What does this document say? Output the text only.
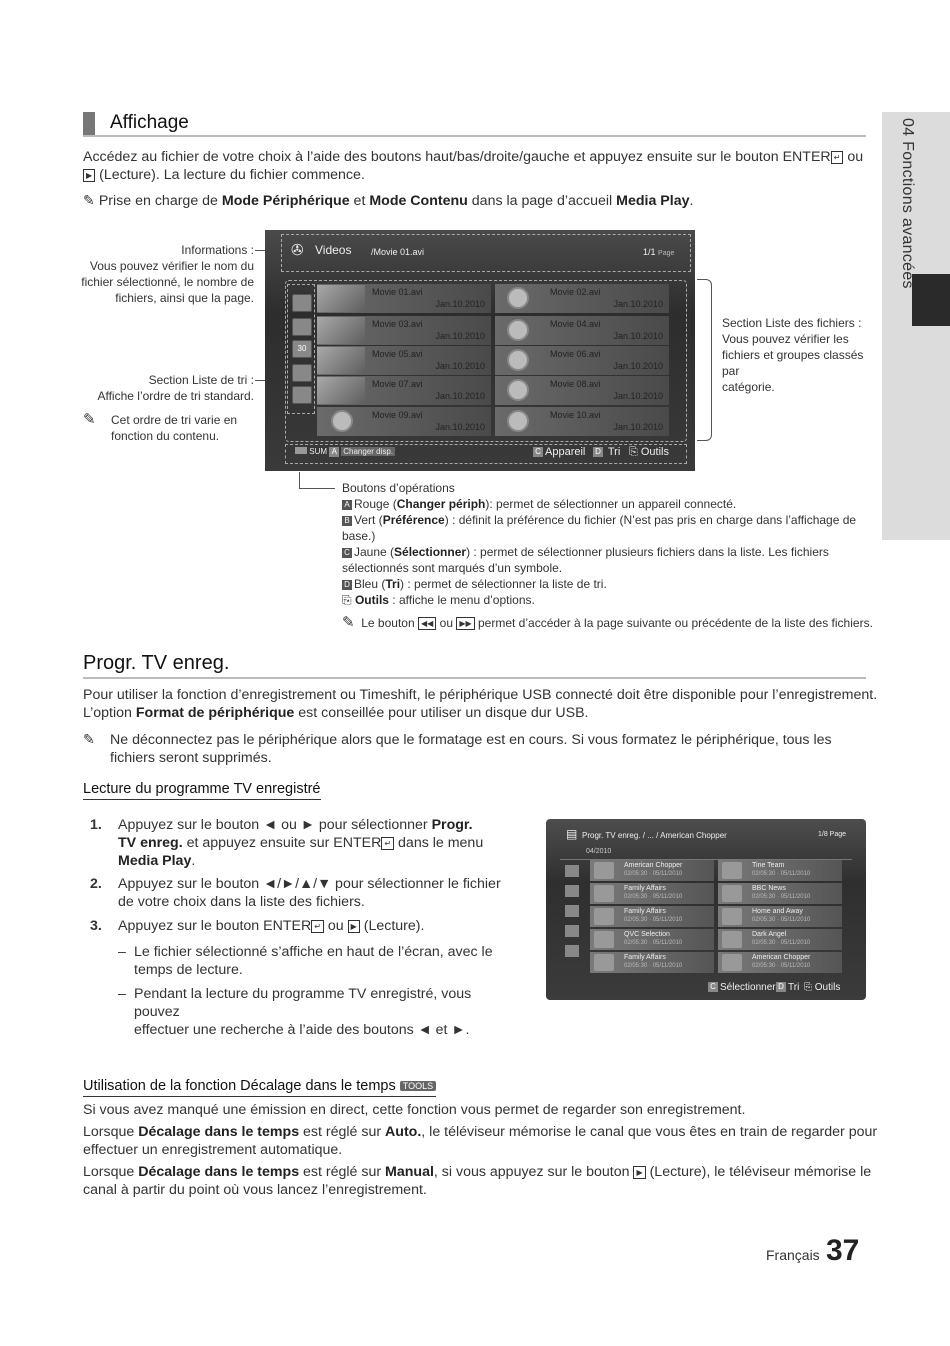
04 Fonctions avancées
Affichage
Accédez au fichier de votre choix à l’aide des boutons haut/bas/droite/gauche et appuyez ensuite sur le bouton ENTER ↵ ou
▶ (Lecture). La lecture du fichier commence.
✎ Prise en charge de Mode Périphérique et Mode Contenu dans la page d’accueil Media Play.
Informations :
Vous pouvez vérifier le nom du
fichier sélectionné, le nombre de
fichiers, ainsi que la page.
Section Liste de tri :
Affiche l’ordre de tri standard.
✎	Cet ordre de tri varie en
fonction du contenu.
Section Liste des fichiers :
Vous pouvez vérifier les
fichiers et groupes classés par
catégorie.
✇ Videos /Movie 01.avi	1/1 Page
30
Movie 01.avi
Jan.10.2010
Movie 02.avi
Jan.10.2010
Movie 03.avi
Jan.10.2010
Movie 04.avi
Jan.10.2010
Movie 05.avi
Jan.10.2010
Movie 06.avi
Jan.10.2010
Movie 07.avi
Jan.10.2010
Movie 08.avi
Jan.10.2010
Movie 09.avi
Jan.10.2010
Movie 10.avi
Jan.10.2010
SUM A Changer disp.	C Appareil D Tri ⎘ Outils
Boutons d’opérations
A Rouge (Changer périph): permet de sélectionner un appareil connecté.
B Vert (Préférence) : définit la préférence du fichier (N’est pas pris en charge dans l’affichage de base.)
C Jaune (Sélectionner) : permet de sélectionner plusieurs fichiers dans la liste. Les fichiers
sélectionnés sont marqués d’un symbole.
D Bleu (Tri) : permet de sélectionner la liste de tri.
⎘ Outils : affiche le menu d’options.
✎ Le bouton ◀◀ ou ▶▶ permet d’accéder à la page suivante ou précédente de la liste des fichiers.
Progr. TV enreg.
Pour utiliser la fonction d’enregistrement ou Timeshift, le périphérique USB connecté doit être disponible pour l’enregistrement.
L’option Format de périphérique est conseillée pour utiliser un disque dur USB.
✎	Ne déconnectez pas le périphérique alors que le formatage est en cours. Si vous formatez le périphérique, tous les
fichiers seront supprimés.
Lecture du programme TV enregistré
1. Appuyez sur le bouton ◄ ou ► pour sélectionner Progr.
TV enreg. et appuyez ensuite sur ENTER ↵ dans le menu
Media Play.
2. Appuyez sur le bouton ◄/►/▲/▼ pour sélectionner le fichier
de votre choix dans la liste des fichiers.
3. Appuyez sur le bouton ENTER ↵ ou ▶ (Lecture).
– Le fichier sélectionné s’affiche en haut de l’écran, avec le
temps de lecture.
– Pendant la lecture du programme TV enregistré, vous pouvez
effectuer une recherche à l’aide des boutons ◄ et ►.
▤ Progr. TV enreg. / ... / American Chopper	1/8 Page
04/2010
American Chopper
02/05:30 · 05/11/2010
Tine Team
02/05:30 · 05/11/2010
Family Affairs
02/05:30 · 05/11/2010
BBC News
02/05:30 · 05/11/2010
Family Affairs
02/05:30 · 05/11/2010
Home and Away
02/05:30 · 05/11/2010
QVC Selection
02/05:30 · 05/11/2010
Dark Angel
02/05:30 · 05/11/2010
Family Affairs
02/05:30 · 05/11/2010
American Chopper
02/05:30 · 05/11/2010
C Sélectionner D Tri ⎘ Outils
Utilisation de la fonction Décalage dans le temps TOOLS
Si vous avez manqué une émission en direct, cette fonction vous permet de regarder son enregistrement.
Lorsque Décalage dans le temps est réglé sur Auto., le téléviseur mémorise le canal que vous êtes en train de regarder pour
effectuer un enregistrement automatique.
Lorsque Décalage dans le temps est réglé sur Manual, si vous appuyez sur le bouton ▶ (Lecture), le téléviseur mémorise le
canal à partir du point où vous lancez l’enregistrement.
Français 37
